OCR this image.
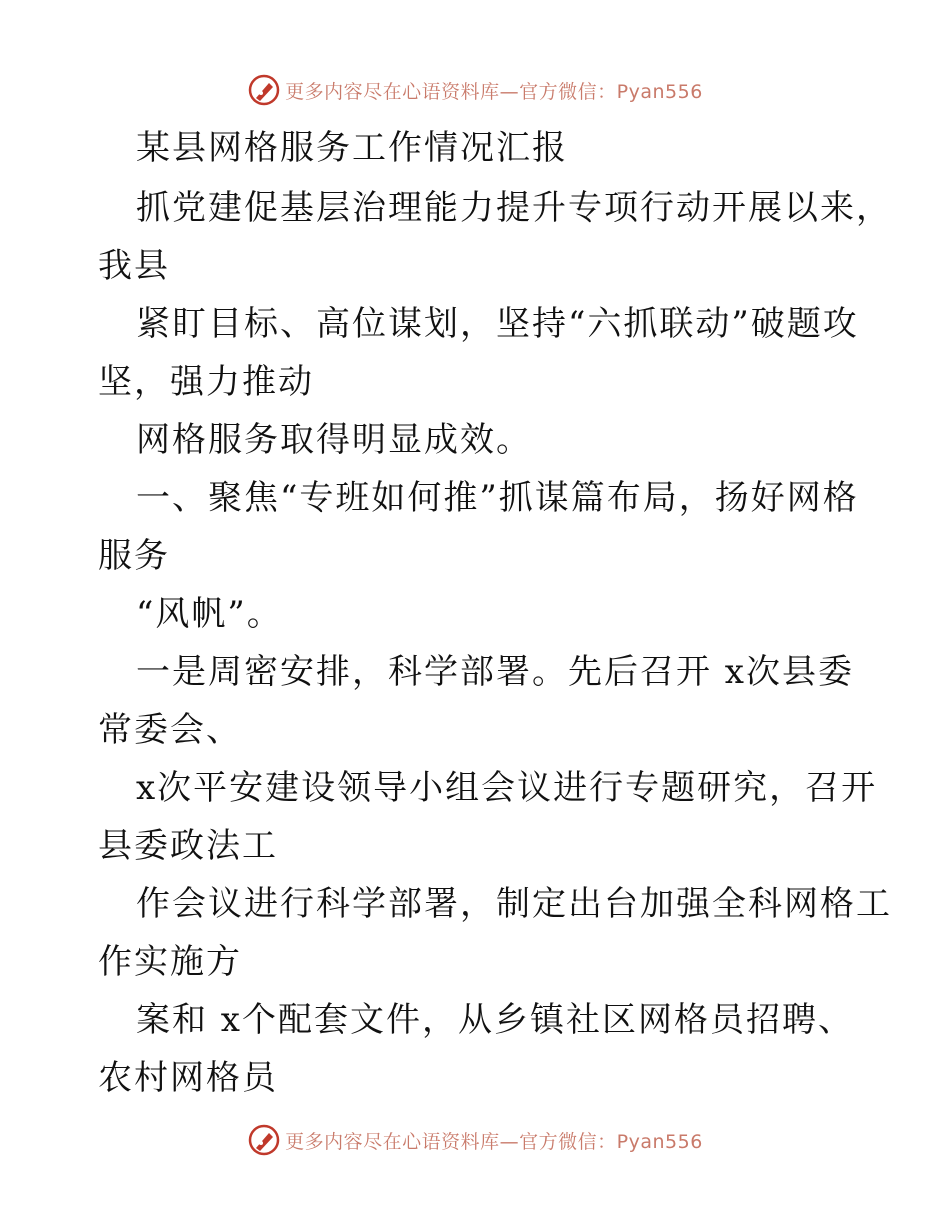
更多内容尽在心语资料库—官方微信：Pyan556
某县网格服务工作情况汇报
抓党建促基层治理能力提升专项行动开展以来，
我县
紧盯目标、高位谋划，坚持“六抓联动”破题攻
坚，强力推动
网格服务取得明显成效。
一、聚焦“专班如何推”抓谋篇布局，扬好网格
服务
“风帆”。
一是周密安排，科学部署。先后召开 x次县委
常委会、
x次平安建设领导小组会议进行专题研究，召开
县委政法工
作会议进行科学部署，制定出台加强全科网格工
作实施方
案和 x个配套文件，从乡镇社区网格员招聘、
农村网格员
更多内容尽在心语资料库—官方微信：Pyan556
